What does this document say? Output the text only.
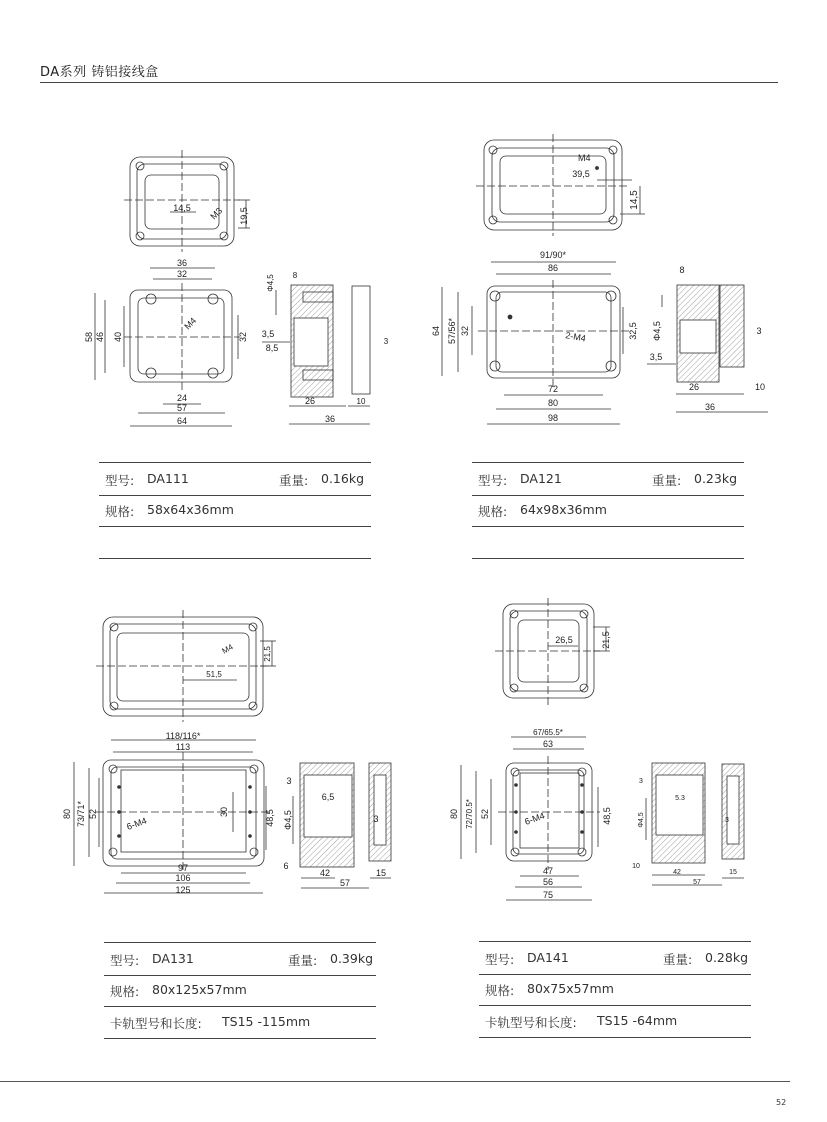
DA系列 铸铝接线盒
14,5 M3 19,5
36
32
24
57
64
58 46 40	32
M4
Φ4,5 8
3,5
8,5
3
26	10
36
M4
39,5
14,5
91/90*
86
72
80
98
64 57/56* 32	32,5
2-M4
8
Φ4,5
3,5
3
26	10
36
M4
51,5
21,5
118/116*
113
97
106
125
80 73/71* 52	30	48,5
6-M4
3
6,5
Φ4,5	3
6
42
57
15
26,5	21,5
67/65.5*
63
47
56
75
80 72/70.5* 52	48,5
6-M4
3
5.3
Φ4,5	3
10
42
57
15
型号: DA111	重量: 0.16kg
规格: 58x64x36mm
型号: DA121	重量: 0.23kg
规格: 64x98x36mm
型号: DA131	重量: 0.39kg
规格: 80x125x57mm
卡轨型号和长度: TS15 -115mm
型号: DA141	重量: 0.28kg
规格: 80x75x57mm
卡轨型号和长度: TS15 -64mm
52
